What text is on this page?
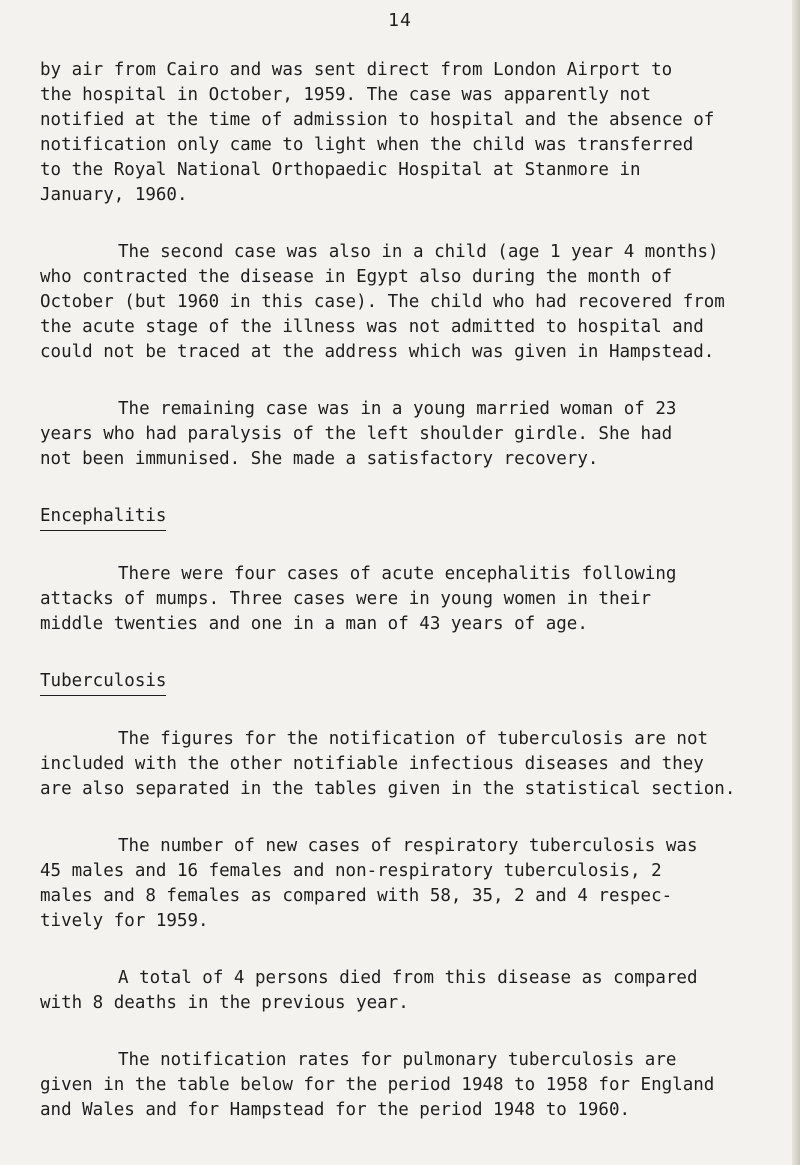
14

by air from Cairo and was sent direct from London Airport to
the hospital in October, 1959. The case was apparently not
notified at the time of admission to hospital and the absence of
notification only came to light when the child was transferred
to the Royal National Orthopaedic Hospital at Stanmore in
January, 1960.

The second case was also in a child (age 1 year 4 months)
who contracted the disease in Egypt also during the month of
October (but 1960 in this case). The child who had recovered from
the acute stage of the illness was not admitted to hospital and
could not be traced at the address which was given in Hampstead.

The remaining case was in a young married woman of 23
years who had paralysis of the left shoulder girdle. She had
not been immunised. She made a satisfactory recovery.

Encephalitis

There were four cases of acute encephalitis following
attacks of mumps. Three cases were in young women in their
middle twenties and one in a man of 43 years of age.

Tuberculosis

The figures for the notification of tuberculosis are not
included with the other notifiable infectious diseases and they
are also separated in the tables given in the statistical section.

The number of new cases of respiratory tuberculosis was
45 males and 16 females and non-respiratory tuberculosis, 2
males and 8 females as compared with 58, 35, 2 and 4 respec-
tively for 1959.

A total of 4 persons died from this disease as compared
with 8 deaths in the previous year.

The notification rates for pulmonary tuberculosis are
given in the table below for the period 1948 to 1958 for England
and Wales and for Hampstead for the period 1948 to 1960.
